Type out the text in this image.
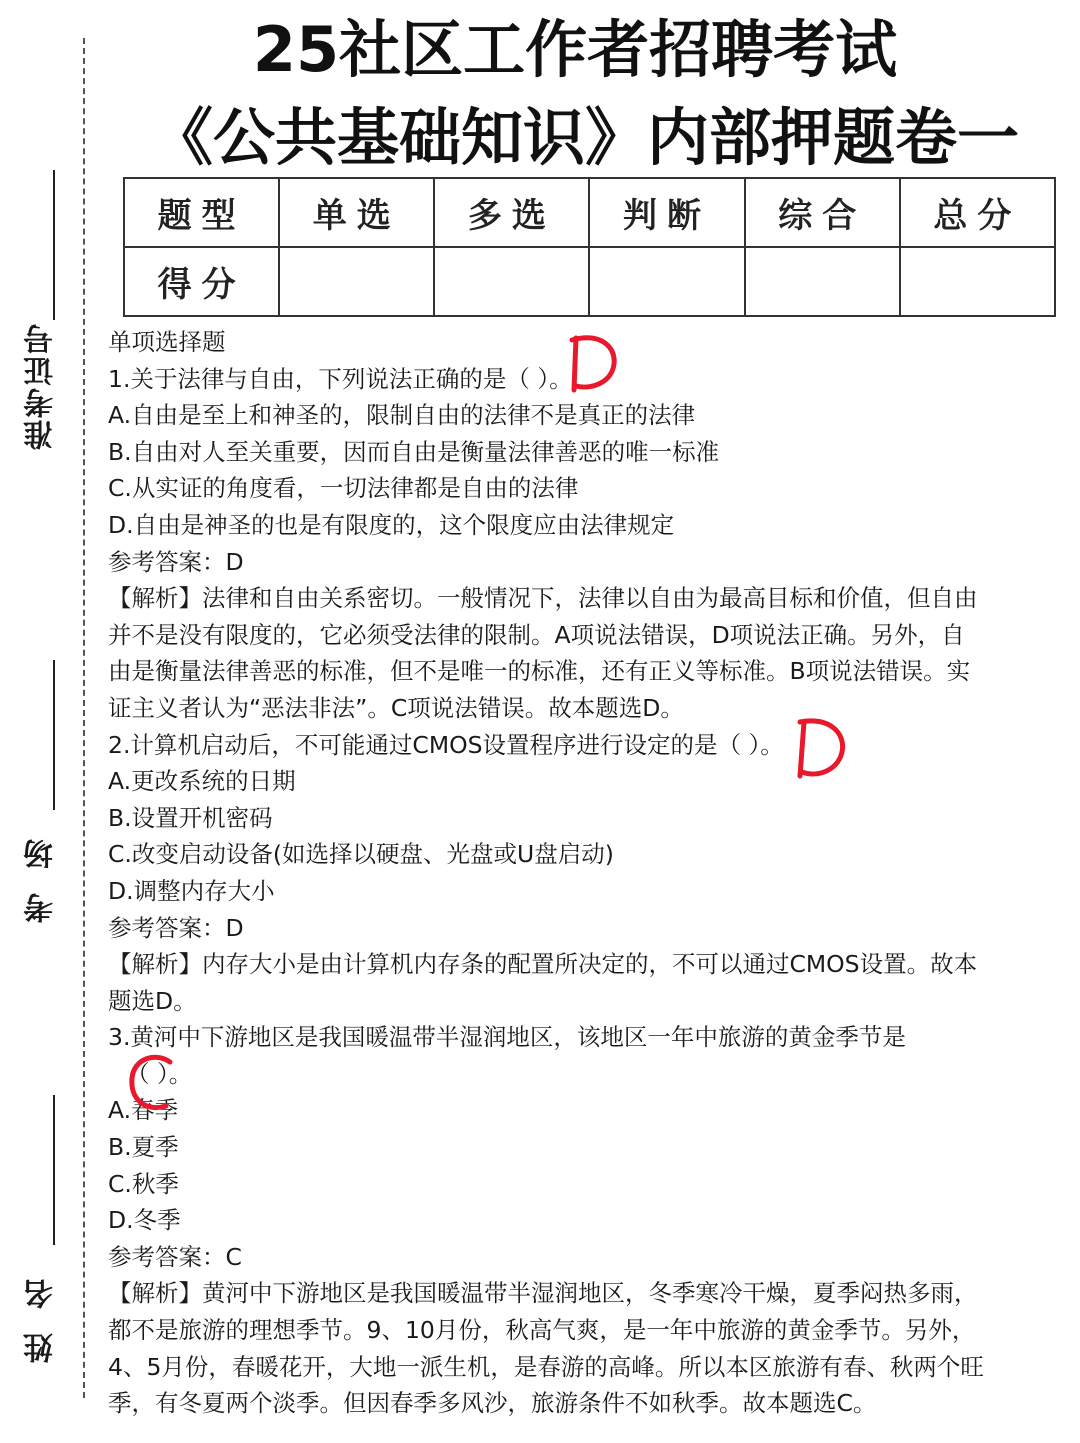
准考证号
考场
姓名
25社区工作者招聘考试
《公共基础知识》内部押题卷一
题型	单选	多选	判断	综合	总分
得分					
单项选择题
1.关于法律与自由，下列说法正确的是（ ）。
A.自由是至上和神圣的，限制自由的法律不是真正的法律
B.自由对人至关重要，因而自由是衡量法律善恶的唯一标准
C.从实证的角度看，一切法律都是自由的法律
D.自由是神圣的也是有限度的，这个限度应由法律规定
参考答案：D
【解析】法律和自由关系密切。一般情况下，法律以自由为最高目标和价值，但自由
并不是没有限度的，它必须受法律的限制。A项说法错误，D项说法正确。另外，自
由是衡量法律善恶的标准，但不是唯一的标准，还有正义等标准。B项说法错误。实
证主义者认为“恶法非法”。C项说法错误。故本题选D。
2.计算机启动后，不可能通过CMOS设置程序进行设定的是（ ）。
A.更改系统的日期
B.设置开机密码
C.改变启动设备(如选择以硬盘、光盘或U盘启动)
D.调整内存大小
参考答案：D
【解析】内存大小是由计算机内存条的配置所决定的，不可以通过CMOS设置。故本
题选D。
3.黄河中下游地区是我国暖温带半湿润地区，该地区一年中旅游的黄金季节是
（ ）。
A.春季
B.夏季
C.秋季
D.冬季
参考答案：C
【解析】黄河中下游地区是我国暖温带半湿润地区，冬季寒冷干燥，夏季闷热多雨，
都不是旅游的理想季节。9、10月份，秋高气爽，是一年中旅游的黄金季节。另外，
4、5月份，春暖花开，大地一派生机，是春游的高峰。所以本区旅游有春、秋两个旺
季，有冬夏两个淡季。但因春季多风沙，旅游条件不如秋季。故本题选C。
